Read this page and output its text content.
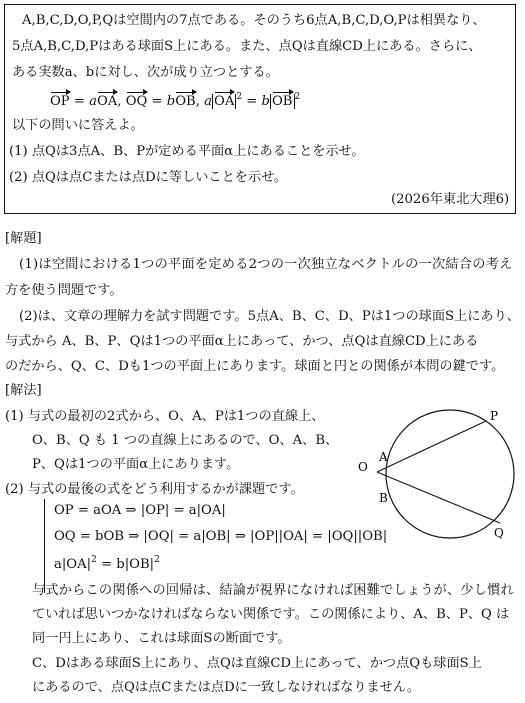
A,B,C,D,O,P,Qは空間内の7点である。そのうち6点A,B,C,D,O,Pは相異なり、
5点A,B,C,D,Pはある球面S上にある。また、点Qは直線CD上にある。さらに、
ある実数a、bに対し、次が成り立つとする。
OP = aOA, OQ = bOB, a OA $^2$ = b OB $^2$
以下の問いに答えよ。
(1) 点Qは3点A、B、Pが定める平面α上にあることを示せ。
(2) 点Qは点Cまたは点Dに等しいことを示せ。
(2026年東北大理6)
[解題]
(1)は空間における1つの平面を定める2つの一次独立なベクトルの一次結合の考え
方を使う問題です。
(2)は、文章の理解力を試す問題です。5点A、B、C、D、Pは1つの球面S上にあり、
与式から A、B、P、Qは1つの平面α上にあって、かつ、点Qは直線CD上にある
のだから、Q、C、Dも1つの平面上にあります。球面と円との関係が本問の鍵です。
[解法]
(1) 与式の最初の2式から、O、A、Pは1つの直線上、
O、B、Q も 1 つの直線上にあるので、O、A、B、
P、Qは1つの平面α上にあります。
(2) 与式の最後の式をどう利用するかが課題です。
OP = aOA ⇒ |OP| = a|OA|
OQ = bOB ⇒ |OQ| = a|OB| ⇒ |OP||OA| = |OQ||OB|
$a|OA|^2 = b|OB|^2$
与式からこの関係への回帰は、結論が視界になければ困難でしょうが、少し慣れ
ていれば思いつかなければならない関係です。この関係により、A、B、P、Q は
同一円上にあり、これは球面Sの断面です。
C、Dはある球面S上にあり、点Qは直線CD上にあって、かつ点Qも球面S上
にあるので、点Qは点Cまたは点Dに一致しなければなりません。
O
A
B
P
Q
